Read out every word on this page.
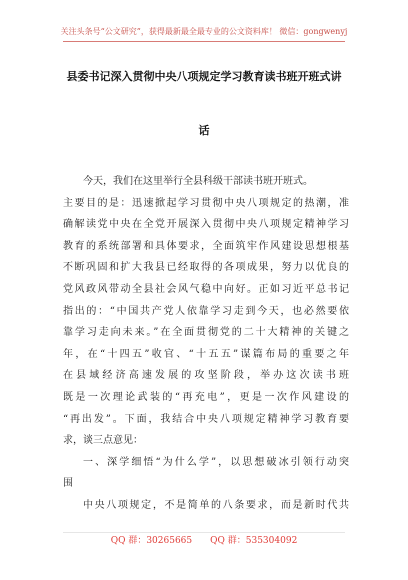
关注头条号“公文研究”，获得最新最全最专业的公文资料库！ 微信：gongwenyj
县委书记深入贯彻中央八项规定学习教育读书班开班式讲
话
今天，我们在这里举行全县科级干部读书班开班式。
主要目的是：迅速掀起学习贯彻中央八项规定的热潮，准
确解读党中央在全党开展深入贯彻中央八项规定精神学习
教育的系统部署和具体要求，全面筑牢作风建设思想根基
不断巩固和扩大我县已经取得的各项成果，努力以优良的
党风政风带动全县社会风气稳中向好。正如习近平总书记
指出的：“中国共产党人依靠学习走到今天，也必然要依
靠学习走向未来。”在全面贯彻党的二十大精神的关键之
年，在“十四五”收官、“十五五”谋篇布局的重要之年
在县域经济高速发展的攻坚阶段，举办这次读书班
既是一次理论武装的“再充电”，更是一次作风建设的
“再出发”。下面，我结合中央八项规定精神学习教育要
求，谈三点意见：
一、深学细悟“为什么学”，以思想破冰引领行动突
围
中央八项规定，不是简单的八条要求，而是新时代共
QQ 群：30265665 QQ 群：535304092
